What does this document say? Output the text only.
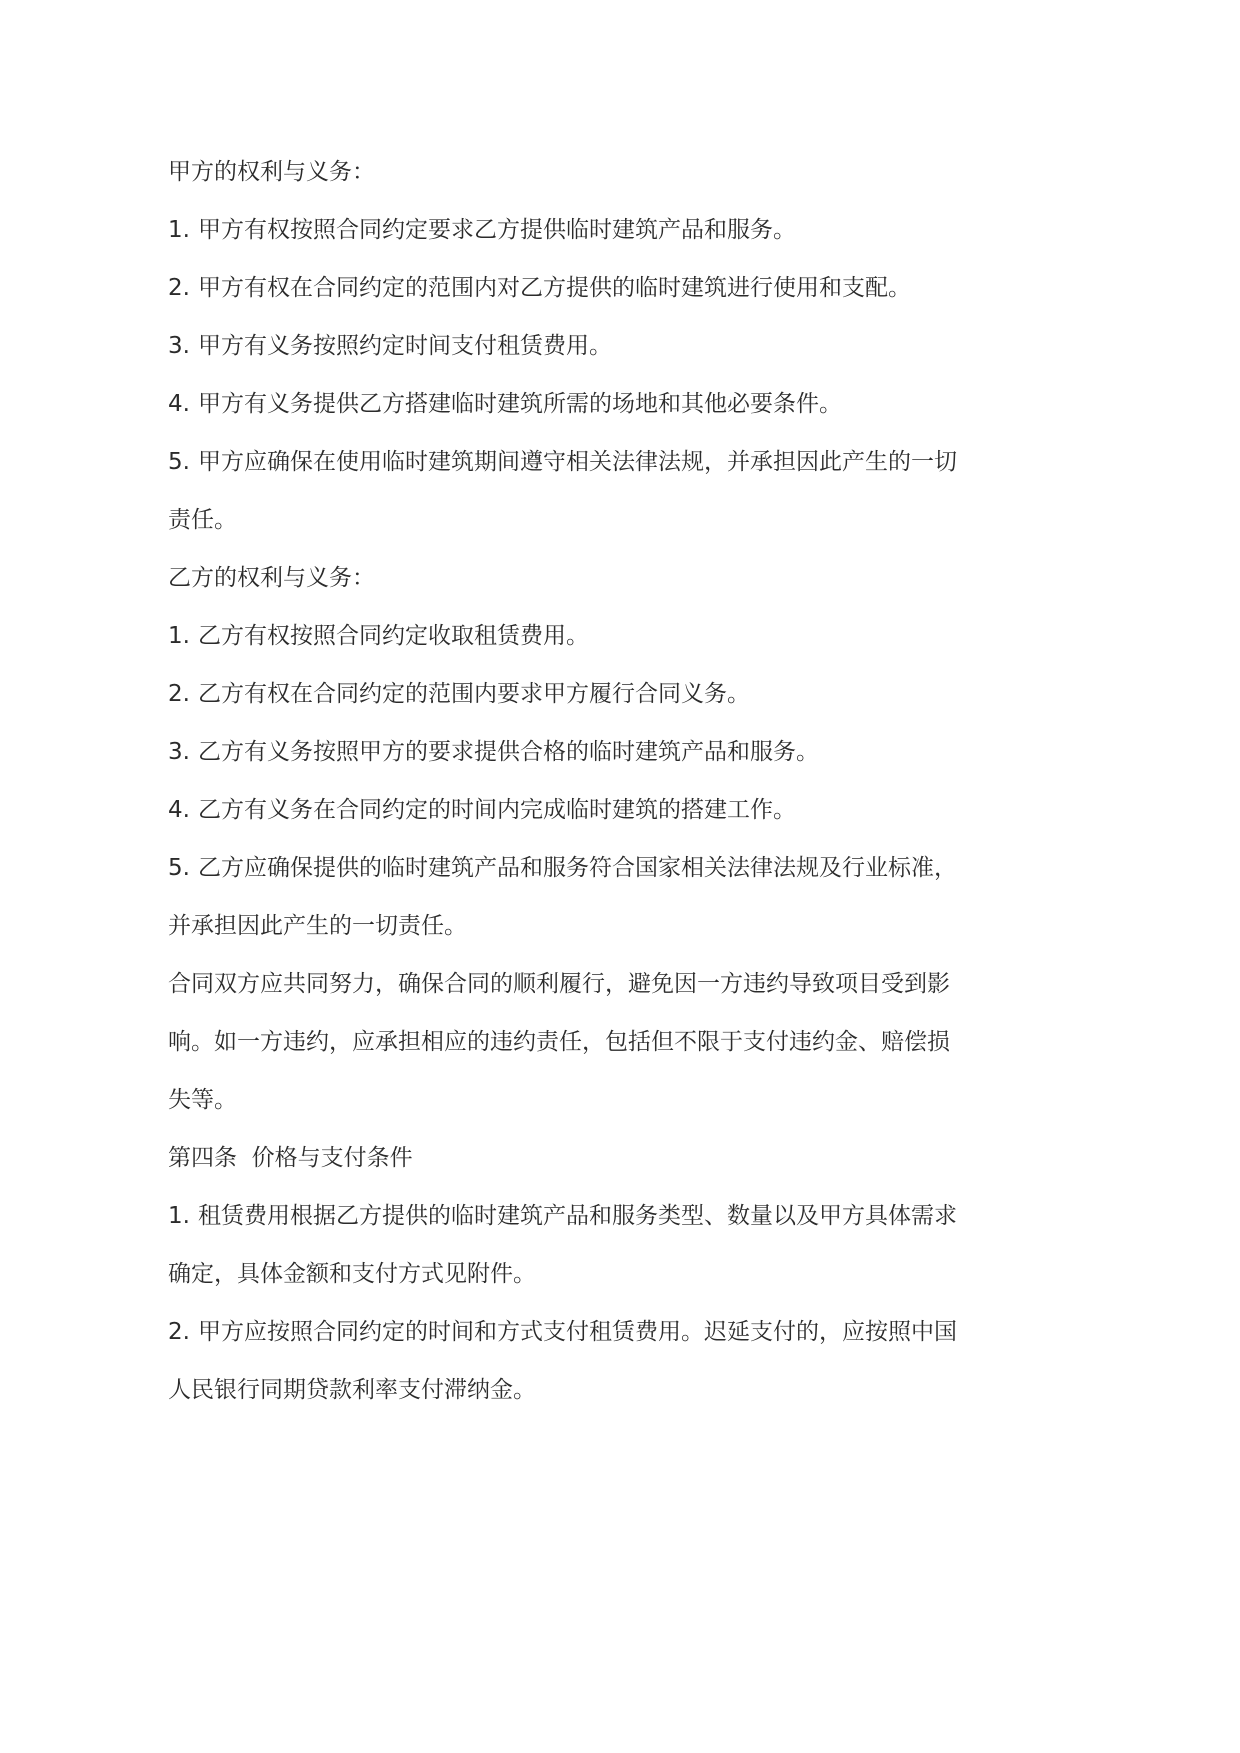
甲方的权利与义务：
1. 甲方有权按照合同约定要求乙方提供临时建筑产品和服务。
2. 甲方有权在合同约定的范围内对乙方提供的临时建筑进行使用和支配。
3. 甲方有义务按照约定时间支付租赁费用。
4. 甲方有义务提供乙方搭建临时建筑所需的场地和其他必要条件。
5. 甲方应确保在使用临时建筑期间遵守相关法律法规，并承担因此产生的一切
责任。
乙方的权利与义务：
1. 乙方有权按照合同约定收取租赁费用。
2. 乙方有权在合同约定的范围内要求甲方履行合同义务。
3. 乙方有义务按照甲方的要求提供合格的临时建筑产品和服务。
4. 乙方有义务在合同约定的时间内完成临时建筑的搭建工作。
5. 乙方应确保提供的临时建筑产品和服务符合国家相关法律法规及行业标准，
并承担因此产生的一切责任。
合同双方应共同努力，确保合同的顺利履行，避免因一方违约导致项目受到影
响。如一方违约，应承担相应的违约责任，包括但不限于支付违约金、赔偿损
失等。
第四条  价格与支付条件
1. 租赁费用根据乙方提供的临时建筑产品和服务类型、数量以及甲方具体需求
确定，具体金额和支付方式见附件。
2. 甲方应按照合同约定的时间和方式支付租赁费用。迟延支付的，应按照中国
人民银行同期贷款利率支付滞纳金。
